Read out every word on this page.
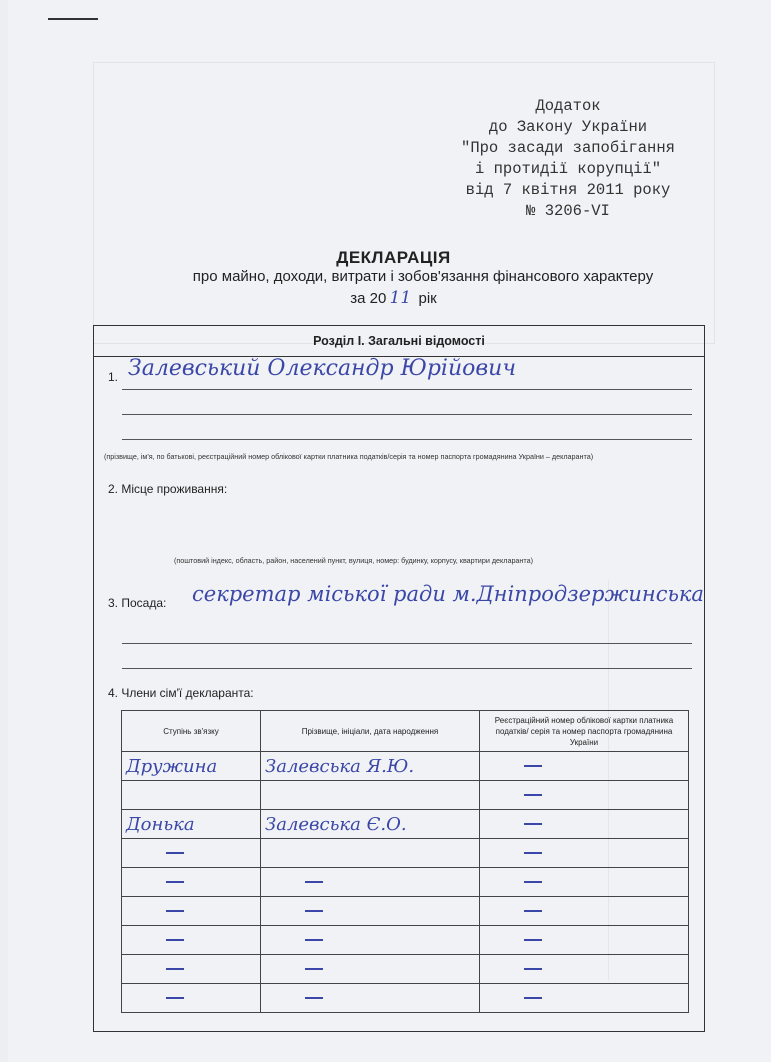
Додаток
до Закону України
"Про засади запобігання
і протидії корупції"
від 7 квітня 2011 року
№ 3206-VI
ДЕКЛАРАЦІЯ
про майно, доходи, витрати і зобов'язання фінансового характеру
за 20 11 рік
Розділ I. Загальні відомості
1. Залевський Олександр Юрійович
(прізвище, ім'я, по батькові, реєстраційний номер облікової картки платника податків/серія та номер паспорта громадянина України – декларанта)
2. Місце проживання:
(поштовий індекс, область, район, населений пункт, вулиця, номер: будинку, корпусу, квартири декларанта)
3. Посада: секретар міської ради м.Дніпродзержинська
4. Члени сім'ї декларанта:
Ступінь зв'язку	Прізвище, ініціали, дата народження	Реєстраційний номер облікової картки платника податків/ серія та номер паспорта громадянина України
Дружина	Залевська Я.Ю.	

Донька	Залевська Є.О.	
